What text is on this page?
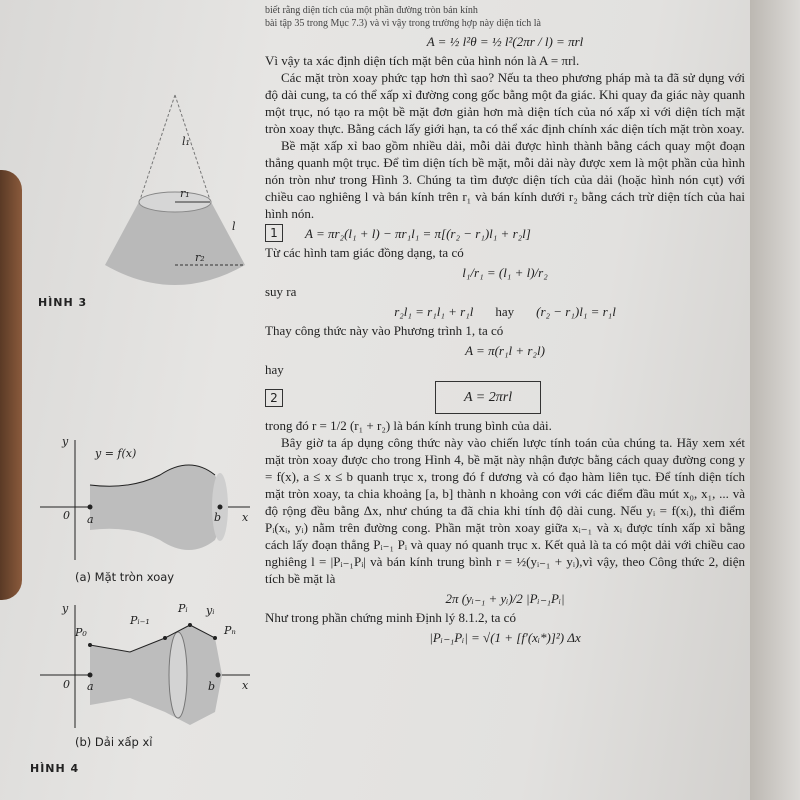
biết rằng diện tích của một phần đường tròn bán kính

bài tập 35 trong Mục 7.3) và vì vậy trong trường hợp này diện tích là

A = ½ l²θ = ½ l²(2πr / l) = πrl

Vì vậy ta xác định diện tích mặt bên của hình nón là A = πrl.

Các mặt tròn xoay phức tạp hơn thì sao? Nếu ta theo phương pháp mà ta đã sử dụng với độ dài cung, ta có thể xấp xỉ đường cong gốc bằng một đa giác. Khi quay đa giác này quanh một trục, nó tạo ra một bề mặt đơn giản hơn mà diện tích của nó xấp xỉ với diện tích mặt tròn xoay thực. Bằng cách lấy giới hạn, ta có thể xác định chính xác diện tích mặt tròn xoay.

Bề mặt xấp xỉ bao gồm nhiều dải, mỗi dải được hình thành bằng cách quay một đoạn thẳng quanh một trục. Để tìm diện tích bề mặt, mỗi dải này được xem là một phần của hình nón tròn như trong Hình 3. Chúng ta tìm được diện tích của dải (hoặc hình nón cụt) với chiều cao nghiêng l và bán kính trên r₁ và bán kính dưới r₂ bằng cách trừ diện tích của hai hình nón.

1	A = πr₂(l₁ + l) − πr₁l₁ = π[(r₂ − r₁)l₁ + r₂l]

Từ các hình tam giác đồng dạng, ta có

l₁/r₁ = (l₁ + l)/r₂

suy ra

r₂l₁ = r₁l₁ + r₁l hay (r₂ − r₁)l₁ = r₁l

Thay công thức này vào Phương trình 1, ta có

A = π(r₁l + r₂l)

hay

2	A = 2πrl

trong đó r = 1/2 (r₁ + r₂) là bán kính trung bình của dải.

Bây giờ ta áp dụng công thức này vào chiến lược tính toán của chúng ta. Hãy xem xét mặt tròn xoay được cho trong Hình 4, bề mặt này nhận được bằng cách quay đường cong y = f(x), a ≤ x ≤ b quanh trục x, trong đó f dương và có đạo hàm liên tục. Để tính diện tích mặt tròn xoay, ta chia khoảng [a, b] thành n khoảng con với các điểm đầu mút x₀, x₁, ... và độ rộng đều bằng Δx, như chúng ta đã chia khi tính độ dài cung. Nếu yᵢ = f(xᵢ), thì điểm Pᵢ(xᵢ, yᵢ) nằm trên đường cong. Phần mặt tròn xoay giữa xᵢ₋₁ và xᵢ được tính xấp xỉ bằng cách lấy đoạn thẳng Pᵢ₋₁ Pᵢ và quay nó quanh trục x. Kết quả là ta có một dải với chiều cao nghiêng l = |Pᵢ₋₁Pᵢ| và bán kính trung bình r = ½(yᵢ₋₁ + yᵢ),vì vậy, theo Công thức 2, diện tích bề mặt là

2π (yᵢ₋₁ + yᵢ)/2 |Pᵢ₋₁Pᵢ|

Như trong phần chứng minh Định lý 8.1.2, ta có

|Pᵢ₋₁Pᵢ| = √(1 + [f′(xᵢ*)]²) Δx
l₁
r₁
l
r₂
HÌNH 3
y
y = f(x)
0 a	b x
(a) Mặt tròn xoay
y
P₀
Pᵢ₋₁
Pᵢ yᵢ
Pₙ
0 a	b x
(b) Dải xấp xỉ
HÌNH 4
